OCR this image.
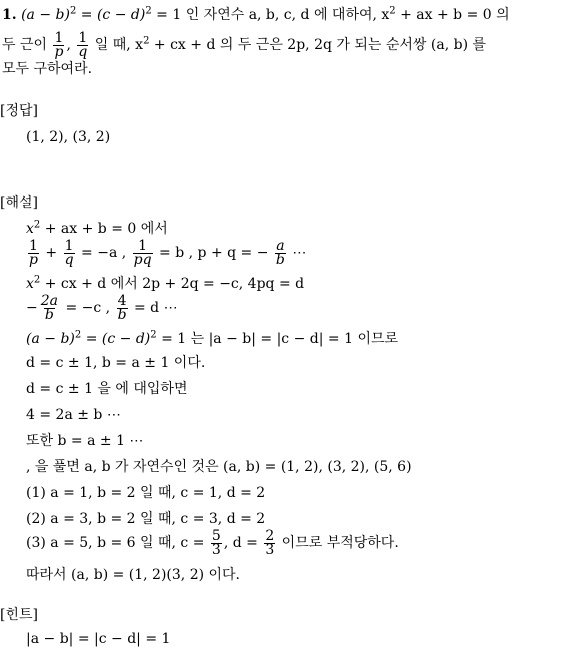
1. $(a - b)^2 = (c - d)^2 = 1$ 인 자연수 a, b, c, d 에 대하여, $x^2$ + ax + b = 0 의
두 근이 $\frac{1}{p}$ , $\frac{1}{q}$ 일 때, $x^2$ + cx + d 의 두 근은 2p, 2q 가 되는 순서쌍 (a, b) 를
모두 구하여라.
[정답]
(1, 2), (3, 2)
[해설]
$x^2$ + ax + b = 0 에서
$\frac{1}{p} + \frac{1}{q} = -a$ , $\frac{1}{pq} = b$ , p + q = − $\frac{a}{b}$ ⋯
$x^2$ + cx + d 에서 2p + 2q = −c, 4pq = d
− $\frac{2a}{b} = -c$ , $\frac{4}{b} = d$ ⋯
$(a - b)^2 = (c - d)^2 = 1$ 는 |a − b| = |c − d| = 1 이므로
d = c ± 1, b = a ± 1 이다.
d = c ± 1 을 에 대입하면
4 = 2a ± b ⋯
또한 b = a ± 1 ⋯
, 을 풀면 a, b 가 자연수인 것은 (a, b) = (1, 2), (3, 2), (5, 6)
(1) a = 1, b = 2 일 때, c = 1, d = 2
(2) a = 3, b = 2 일 때, c = 3, d = 2
(3) a = 5, b = 6 일 때, $c = \frac{5}{3}$ , $d = \frac{2}{3}$ 이므로 부적당하다.
따라서 (a, b) = (1, 2)(3, 2) 이다.
[힌트]
|a − b| = |c − d| = 1
